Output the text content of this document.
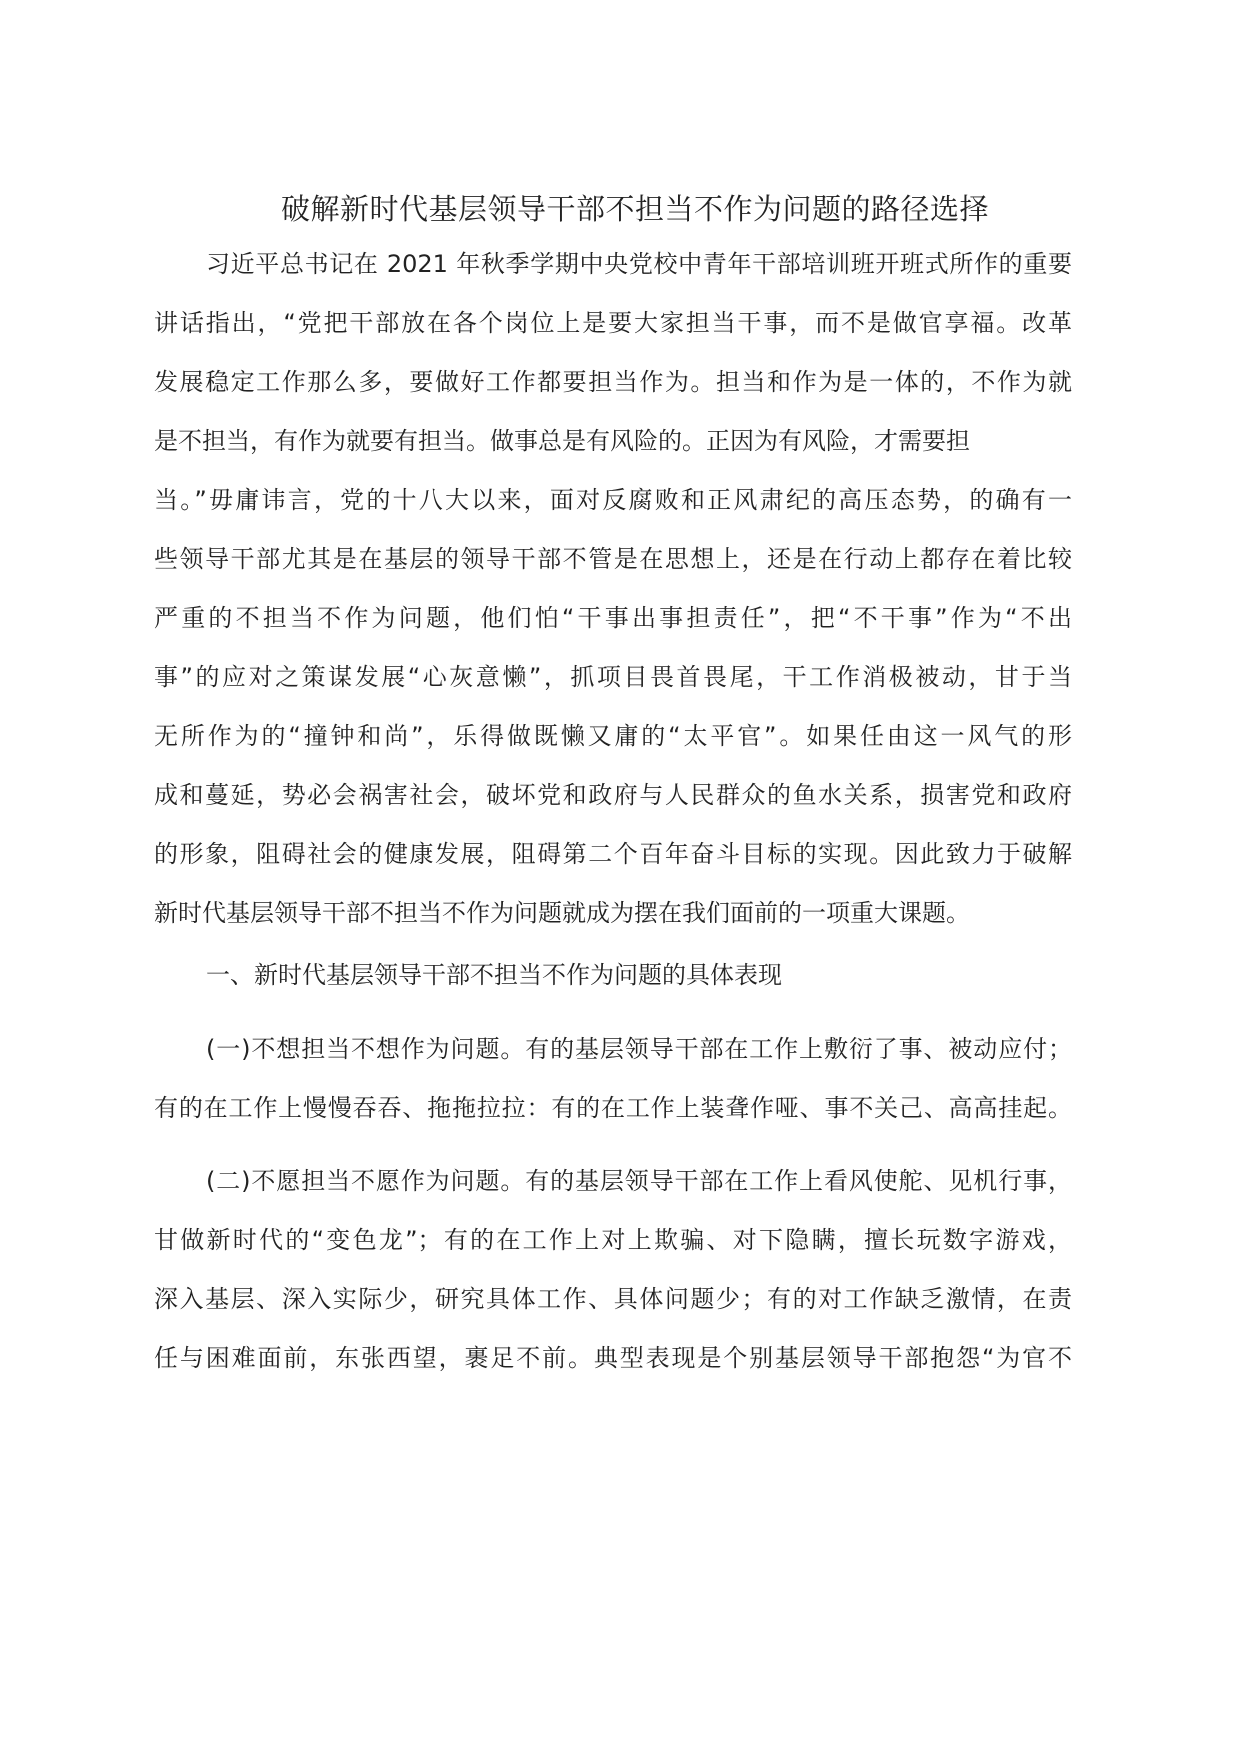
破解新时代基层领导干部不担当不作为问题的路径选择
习近平总书记在 2021 年秋季学期中央党校中青年干部培训班开班式所作的重要
讲话指出，“党把干部放在各个岗位上是要大家担当干事，而不是做官享福。改革
发展稳定工作那么多，要做好工作都要担当作为。担当和作为是一体的，不作为就
是不担当，有作为就要有担当。做事总是有风险的。正因为有风险，才需要担
当。”毋庸讳言，党的十八大以来，面对反腐败和正风肃纪的高压态势，的确有一
些领导干部尤其是在基层的领导干部不管是在思想上，还是在行动上都存在着比较
严重的不担当不作为问题，他们怕“干事出事担责任”，把“不干事”作为“不出
事”的应对之策谋发展“心灰意懒”，抓项目畏首畏尾，干工作消极被动，甘于当
无所作为的“撞钟和尚”，乐得做既懒又庸的“太平官”。如果任由这一风气的形
成和蔓延，势必会祸害社会，破坏党和政府与人民群众的鱼水关系，损害党和政府
的形象，阻碍社会的健康发展，阻碍第二个百年奋斗目标的实现。因此致力于破解
新时代基层领导干部不担当不作为问题就成为摆在我们面前的一项重大课题。
一、新时代基层领导干部不担当不作为问题的具体表现
(一)不想担当不想作为问题。有的基层领导干部在工作上敷衍了事、被动应付；
有的在工作上慢慢吞吞、拖拖拉拉：有的在工作上装聋作哑、事不关己、高高挂起。
(二)不愿担当不愿作为问题。有的基层领导干部在工作上看风使舵、见机行事，
甘做新时代的“变色龙”；有的在工作上对上欺骗、对下隐瞒，擅长玩数字游戏，
深入基层、深入实际少，研究具体工作、具体问题少；有的对工作缺乏激情，在责
任与困难面前，东张西望，裹足不前。典型表现是个别基层领导干部抱怨“为官不
